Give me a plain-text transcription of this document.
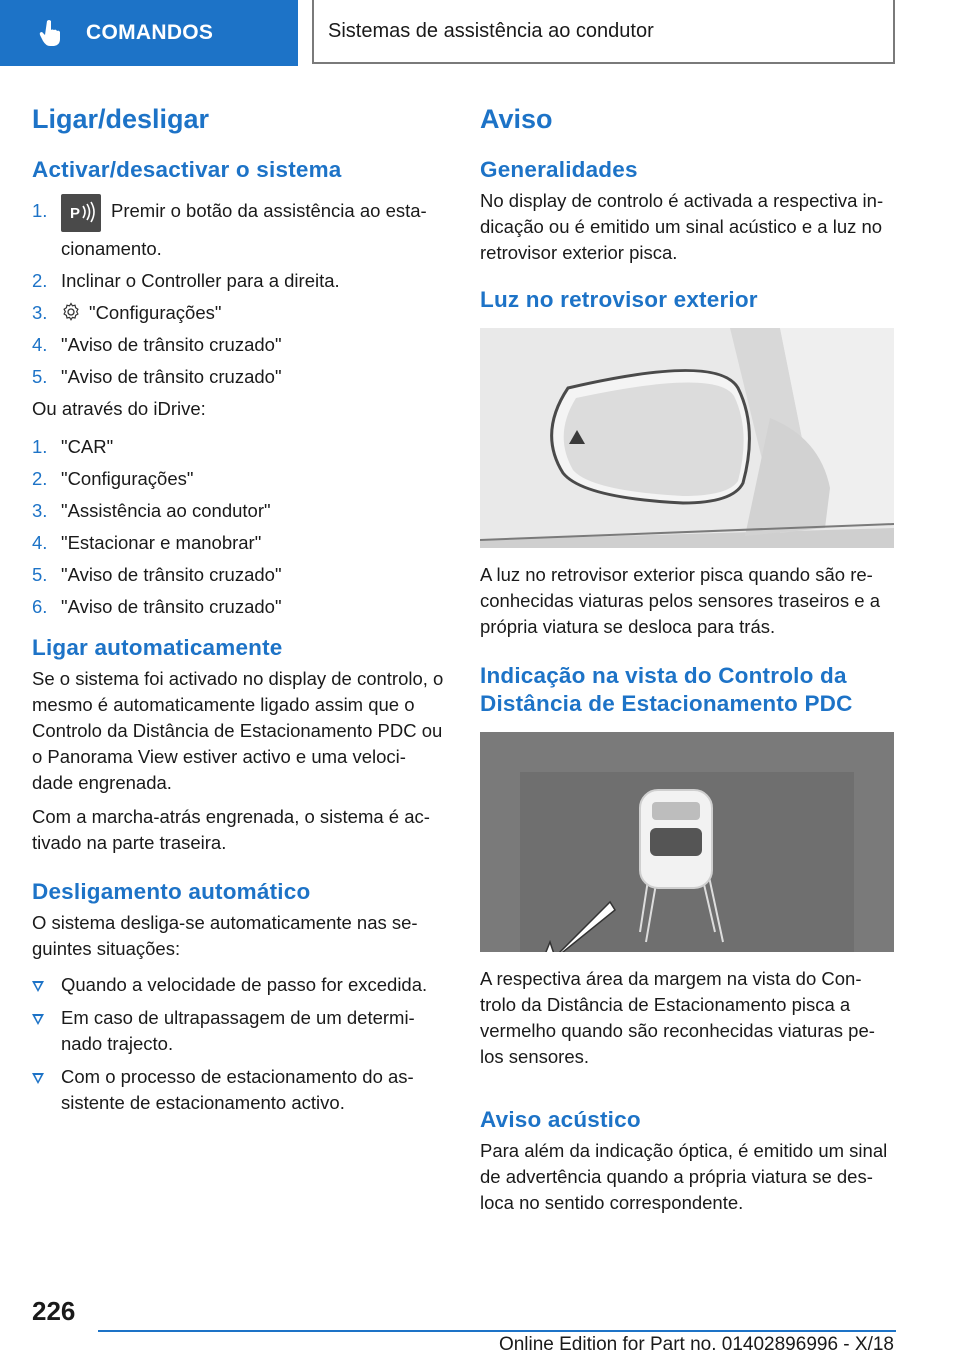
COMANDOS	Sistemas de assistência ao condutor
Ligar/desligar
Activar/desactivar o sistema
1. P Premir o botão da assistência ao esta-cionamento.
2. Inclinar o Controller para a direita.
3. "Configurações"
4. "Aviso de trânsito cruzado"
5. "Aviso de trânsito cruzado"

Ou através do iDrive:

1. "CAR"
2. "Configurações"
3. "Assistência ao condutor"
4. "Estacionar e manobrar"
5. "Aviso de trânsito cruzado"
6. "Aviso de trânsito cruzado"
Ligar automaticamente

Se o sistema foi activado no display de controlo, o mesmo é automaticamente ligado assim que o Controlo da Distância de Estacionamento PDC ou o Panorama View estiver activo e uma veloci-dade engrenada.

Com a marcha-atrás engrenada, o sistema é ac-tivado na parte traseira.

Desligamento automático

O sistema desliga-se automaticamente nas se-guintes situações:

Quando a velocidade de passo for excedida.
Em caso de ultrapassagem de um determi-nado trajecto.
Com o processo de estacionamento do as-sistente de estacionamento activo.
Aviso
Generalidades

No display de controlo é activada a respectiva in-dicação ou é emitido um sinal acústico e a luz no retrovisor exterior pisca.

Luz no retrovisor exterior

A luz no retrovisor exterior pisca quando são re-conhecidas viaturas pelos sensores traseiros e a própria viatura se desloca para trás.

Indicação na vista do Controlo da Distância de Estacionamento PDC

A respectiva área da margem na vista do Con-trolo da Distância de Estacionamento pisca a vermelho quando são reconhecidas viaturas pe-los sensores.

Aviso acústico

Para além da indicação óptica, é emitido um sinal de advertência quando a própria viatura se des-loca no sentido correspondente.

226
Online Edition for Part no. 01402896996 - X/18
